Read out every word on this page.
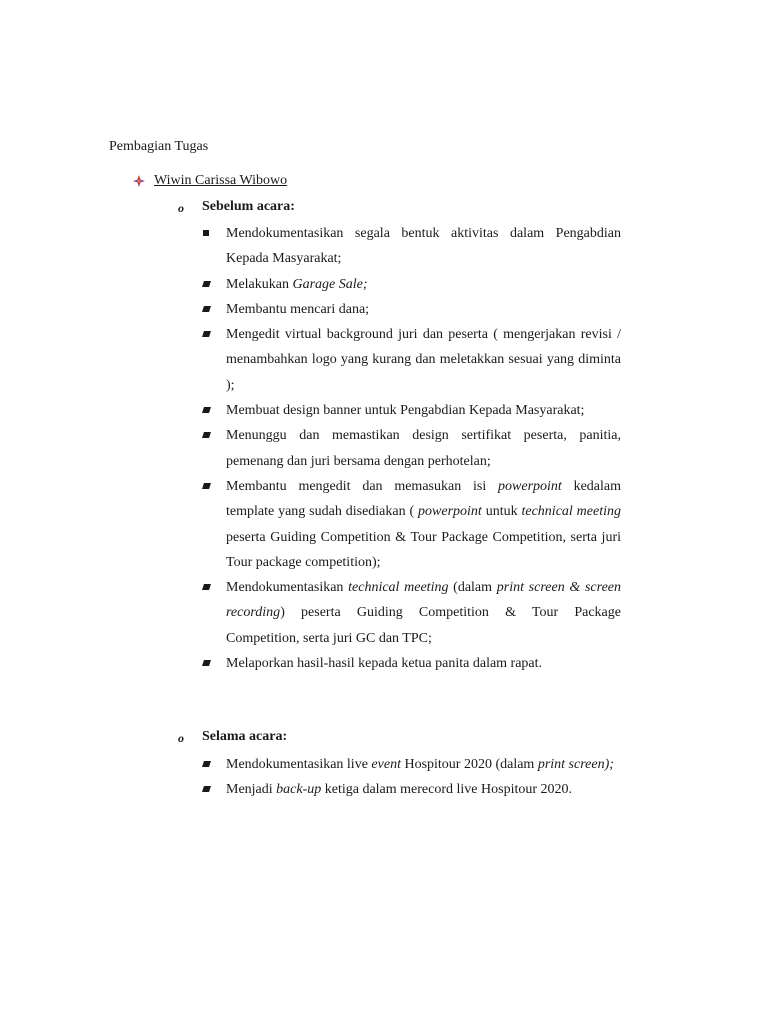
Pembagian Tugas
Wiwin Carissa Wibowo
o	Sebelum acara:
Mendokumentasikan segala bentuk aktivitas dalam Pengabdian Kepada Masyarakat;
Melakukan Garage Sale;
Membantu mencari dana;
Mengedit virtual background juri dan peserta ( mengerjakan revisi / menambahkan logo yang kurang dan meletakkan sesuai yang diminta );
Membuat design banner untuk Pengabdian Kepada Masyarakat;
Menunggu dan memastikan design sertifikat peserta, panitia, pemenang dan juri bersama dengan perhotelan;
Membantu mengedit dan memasukan isi powerpoint kedalam template yang sudah disediakan ( powerpoint untuk technical meeting peserta Guiding Competition & Tour Package Competition, serta juri Tour package competition);
Mendokumentasikan technical meeting (dalam print screen & screen recording) peserta Guiding Competition & Tour Package Competition, serta juri GC dan TPC;
Melaporkan hasil-hasil kepada ketua panita dalam rapat.
o	Selama acara:
Mendokumentasikan live event Hospitour 2020 (dalam print screen);
Menjadi back-up ketiga dalam merecord live Hospitour 2020.
